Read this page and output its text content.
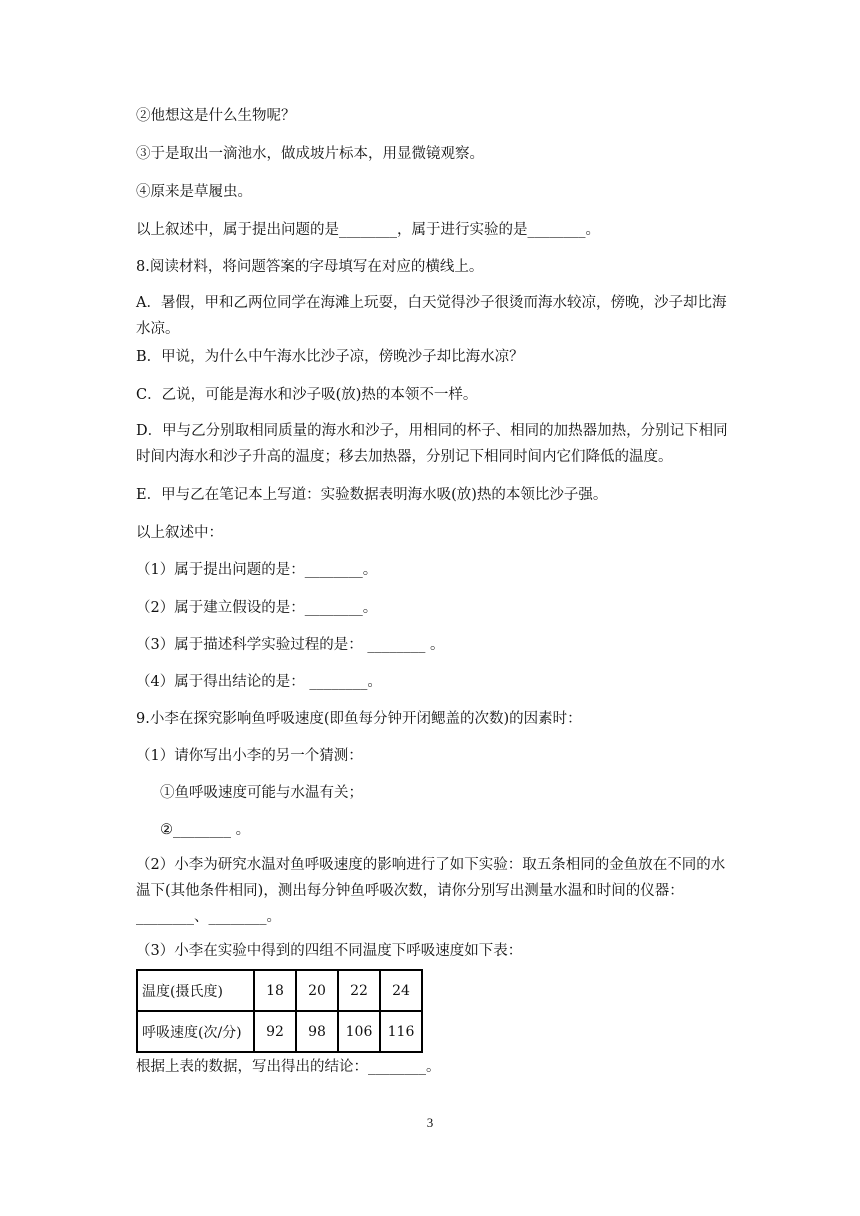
②他想这是什么生物呢？
③于是取出一滴池水，做成坡片标本，用显微镜观察。
④原来是草履虫。
以上叙述中，属于提出问题的是________，属于进行实验的是________。
8.阅读材料，将问题答案的字母填写在对应的横线上。
A．暑假，甲和乙两位同学在海滩上玩耍，白天觉得沙子很烫而海水较凉，傍晚，沙子却比海水凉。
B．甲说，为什么中午海水比沙子凉，傍晚沙子却比海水凉？
C．乙说，可能是海水和沙子吸(放)热的本领不一样。
D．甲与乙分别取相同质量的海水和沙子，用相同的杯子、相同的加热器加热，分别记下相同时间内海水和沙子升高的温度；移去加热器，分别记下相同时间内它们降低的温度。
E．甲与乙在笔记本上写道：实验数据表明海水吸(放)热的本领比沙子强。
以上叙述中：
（1）属于提出问题的是：________。
（2）属于建立假设的是：________。
（3）属于描述科学实验过程的是： ________ 。
（4）属于得出结论的是： ________。
9.小李在探究影响鱼呼吸速度(即鱼每分钟开闭鳃盖的次数)的因素时：
（1）请你写出小李的另一个猜测：
①鱼呼吸速度可能与水温有关；
②________ 。
（2）小李为研究水温对鱼呼吸速度的影响进行了如下实验：取五条相同的金鱼放在不同的水温下(其他条件相同)，测出每分钟鱼呼吸次数，请你分别写出测量水温和时间的仪器：________、________。
（3）小李在实验中得到的四组不同温度下呼吸速度如下表：
温度(摄氏度)	18	20	22	24
呼吸速度(次/分)	92	98	106	116
根据上表的数据，写出得出的结论：________。
3
